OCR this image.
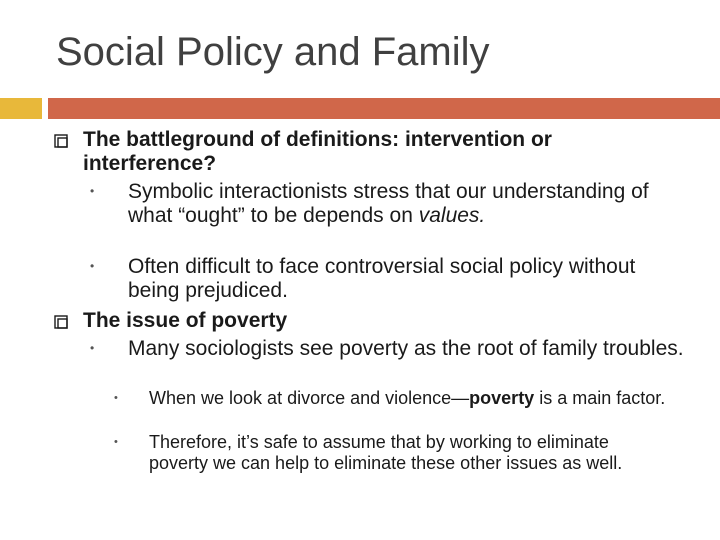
Social Policy and Family
The battleground of definitions: intervention or interference?
• Symbolic interactionists stress that our understanding of what “ought” to be depends on values.
• Often difficult to face controversial social policy without being prejudiced.
The issue of poverty
• Many sociologists see poverty as the root of family troubles.
• When we look at divorce and violence—poverty is a main factor.
• Therefore, it’s safe to assume that by working to eliminate poverty we can help to eliminate these other issues as well.
